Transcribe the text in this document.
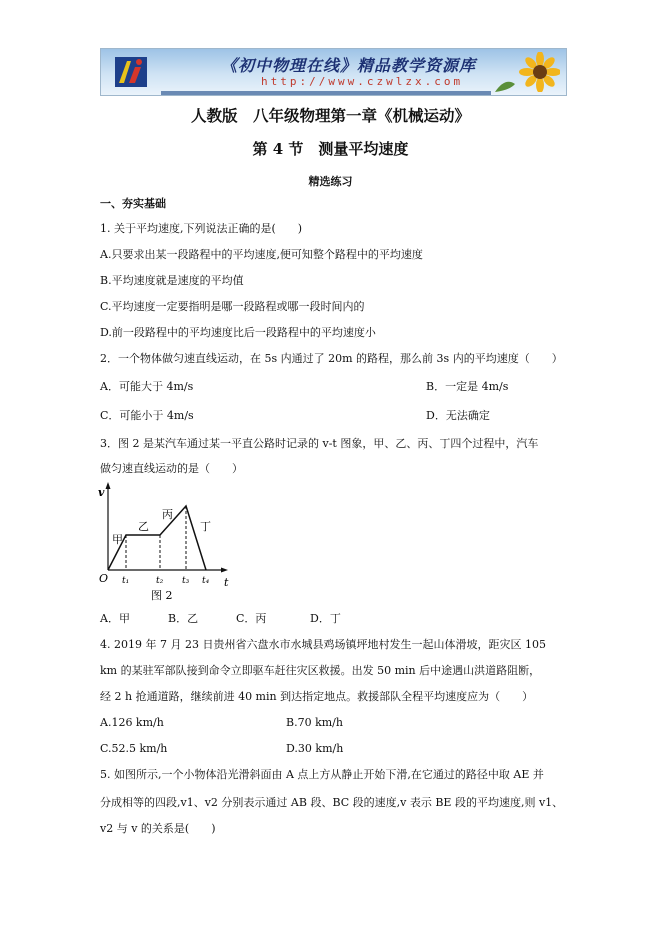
《初中物理在线》精品教学资源库
http://www.czwlzx.com
人教版　八年级物理第一章《机械运动》
第 4 节　测量平均速度
精选练习
一、夯实基础
1. 关于平均速度,下列说法正确的是(　　)
A.只要求出某一段路程中的平均速度,便可知整个路程中的平均速度
B.平均速度就是速度的平均值
C.平均速度一定要指明是哪一段路程或哪一段时间内的
D.前一段路程中的平均速度比后一段路程中的平均速度小
2．一个物体做匀速直线运动，在 5s 内通过了 20m 的路程，那么前 3s 内的平均速度（　　）
A．可能大于 4m/s	B．一定是 4m/s
C．可能小于 4m/s	D．无法确定
3．图 2 是某汽车通过某一平直公路时记录的 v-t 图象，甲、乙、丙、丁四个过程中，汽车
做匀速直线运动的是（　　）
v
t
O t₁	t₂ t₃ t₄
甲
乙
丙
丁
图 2
A．甲	B．乙	C．丙	D．丁
4. 2019 年 7 月 23 日贵州省六盘水市水城县鸡场镇坪地村发生一起山体滑坡，距灾区 105
km 的某驻军部队接到命令立即驱车赶往灾区救援。出发 50 min 后中途遇山洪道路阻断，
经 2 h 抢通道路，继续前进 40 min 到达指定地点。救援部队全程平均速度应为（　　）
A.126 km/h	B.70 km/h
C.52.5 km/h	D.30 km/h
5. 如图所示,一个小物体沿光滑斜面由 A 点上方从静止开始下滑,在它通过的路径中取 AE 并
分成相等的四段,v1、v2 分别表示通过 AB 段、BC 段的速度,v 表示 BE 段的平均速度,则 v1、
v2 与 v 的关系是(　　)
